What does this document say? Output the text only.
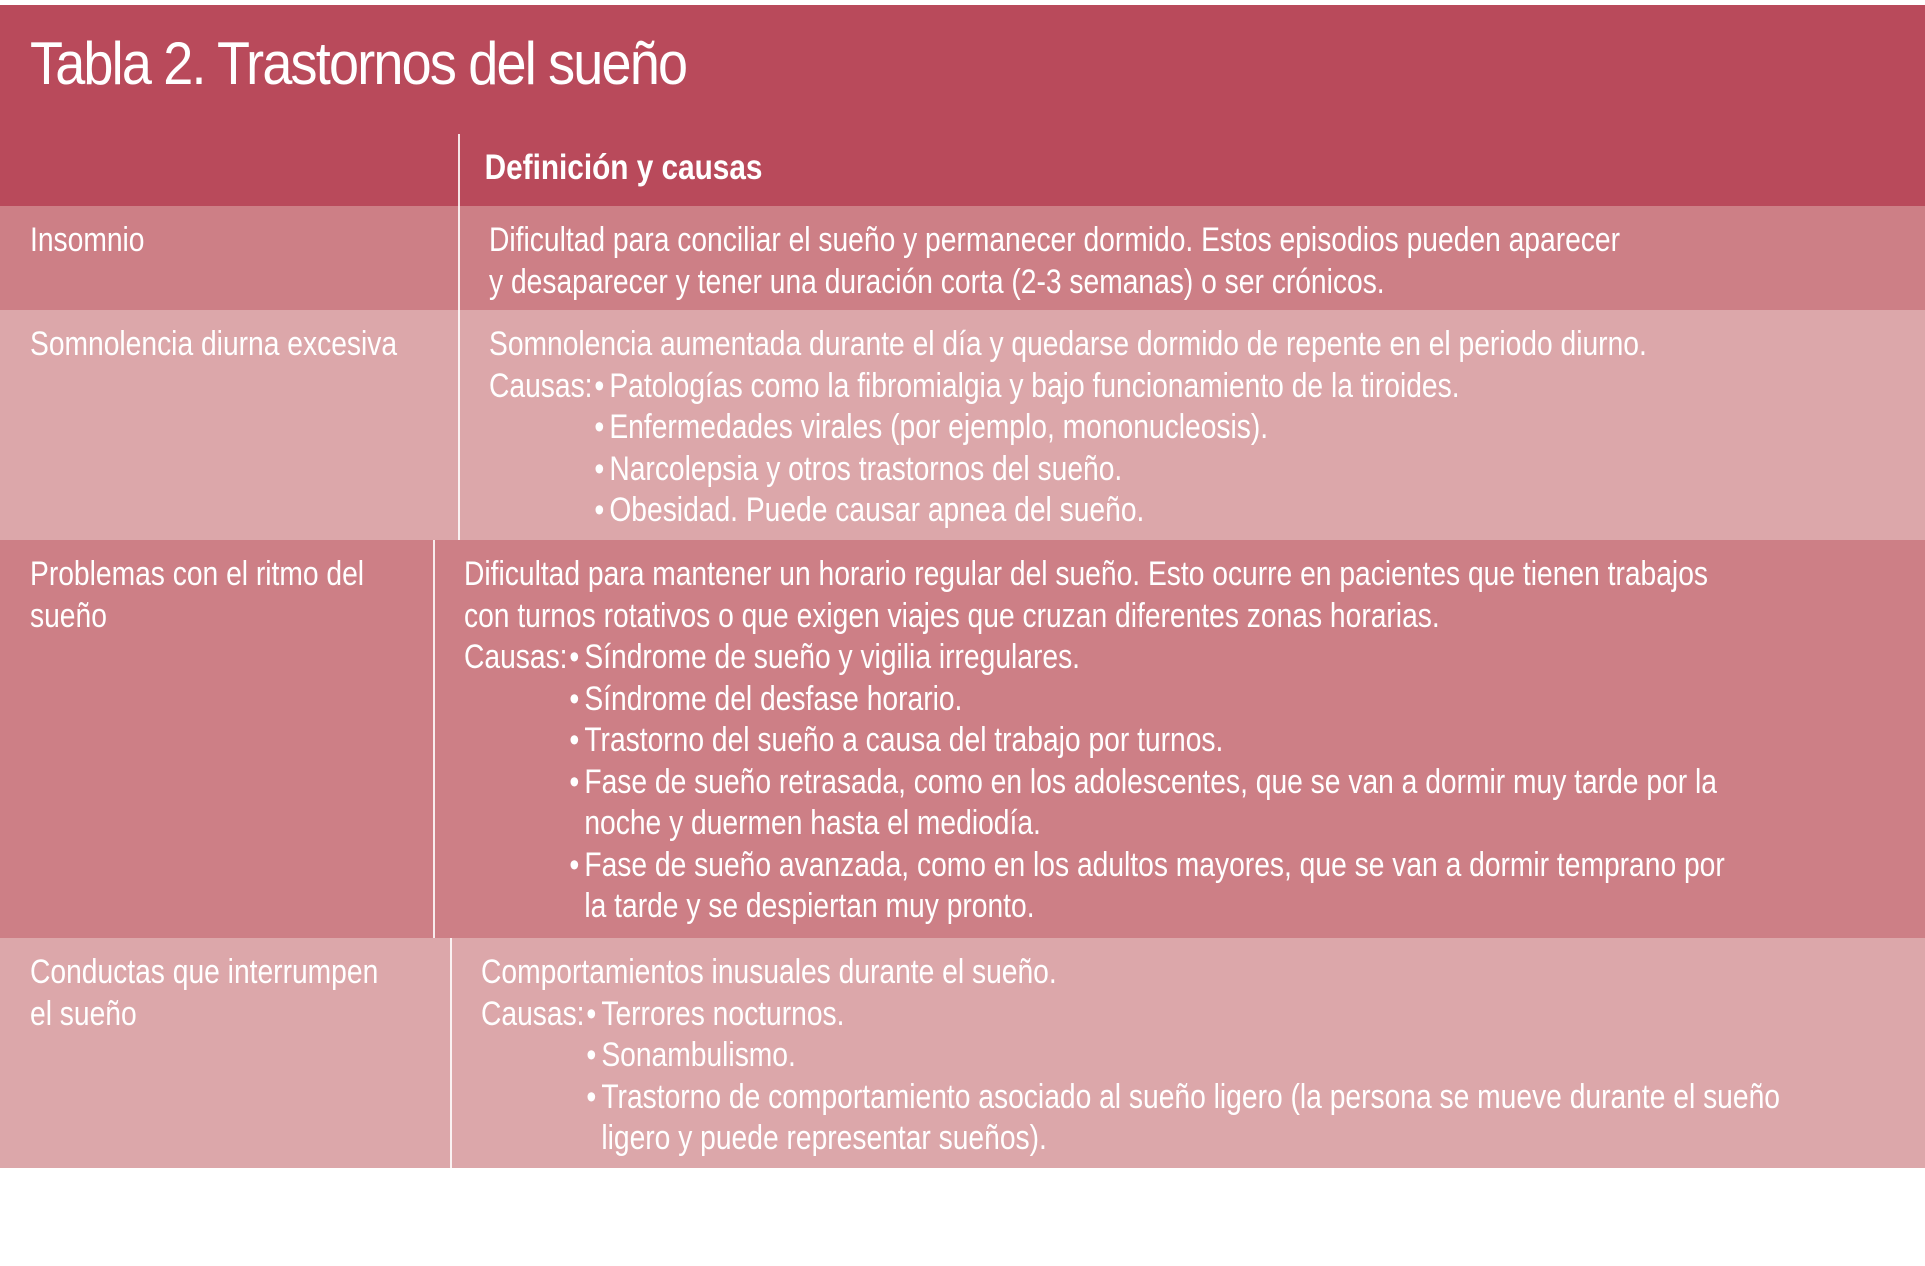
Tabla 2. Trastornos del sueño
Definición y causas
Insomnio	Dificultad para conciliar el sueño y permanecer dormido. Estos episodios pueden aparecer
y desaparecer y tener una duración corta (2-3 semanas) o ser crónicos.
Somnolencia diurna excesiva	Somnolencia aumentada durante el día y quedarse dormido de repente en el periodo diurno.
Causas: • Patologías como la fibromialgia y bajo funcionamiento de la tiroides.
• Enfermedades virales (por ejemplo, mononucleosis).
• Narcolepsia y otros trastornos del sueño.
• Obesidad. Puede causar apnea del sueño.
Problemas con el ritmo del
sueño
Dificultad para mantener un horario regular del sueño. Esto ocurre en pacientes que tienen trabajos
con turnos rotativos o que exigen viajes que cruzan diferentes zonas horarias.
Causas: • Síndrome de sueño y vigilia irregulares.
• Síndrome del desfase horario.
• Trastorno del sueño a causa del trabajo por turnos.
• Fase de sueño retrasada, como en los adolescentes, que se van a dormir muy tarde por la
noche y duermen hasta el mediodía.
• Fase de sueño avanzada, como en los adultos mayores, que se van a dormir temprano por
la tarde y se despiertan muy pronto.
Conductas que interrumpen
el sueño
Comportamientos inusuales durante el sueño.
Causas: • Terrores nocturnos.
• Sonambulismo.
• Trastorno de comportamiento asociado al sueño ligero (la persona se mueve durante el sueño
ligero y puede representar sueños).
